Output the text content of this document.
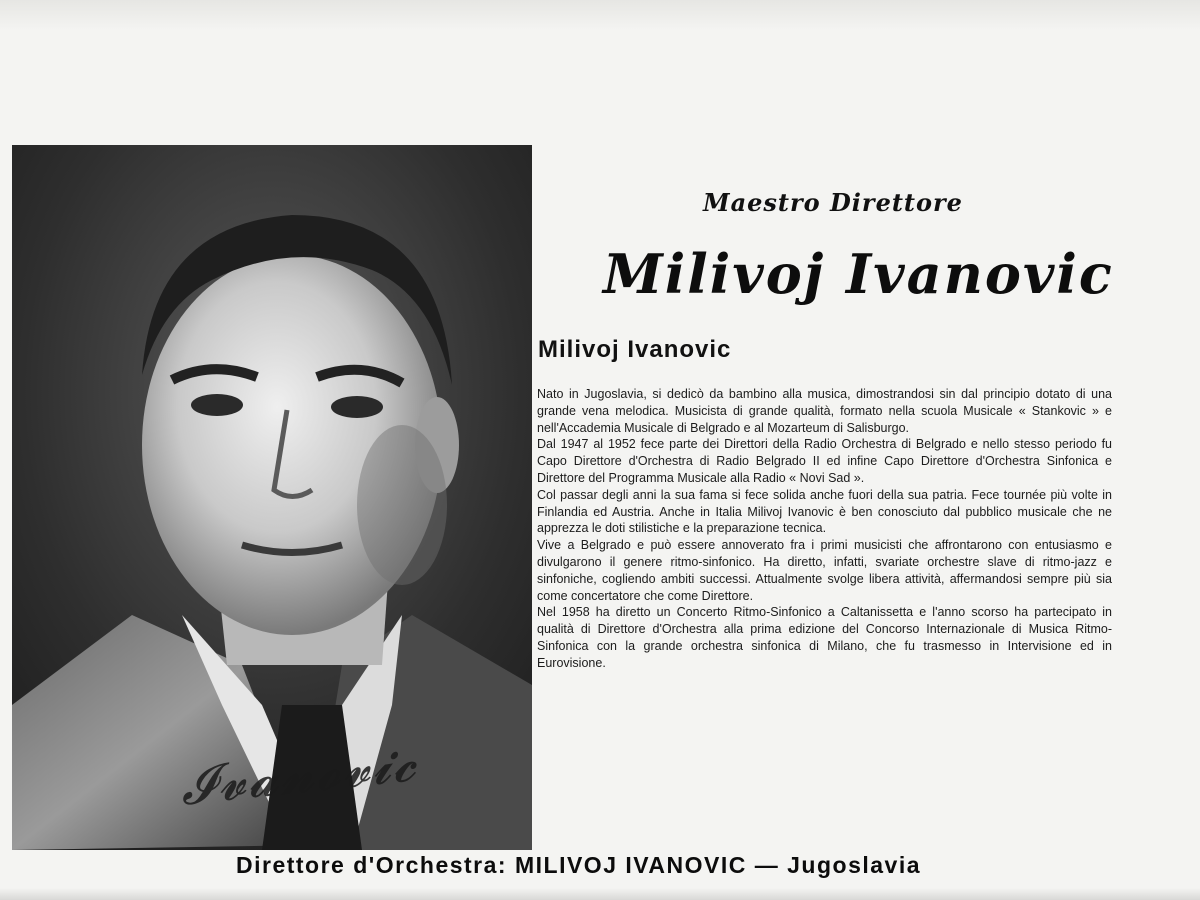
𝓘𝓿𝓪𝓷𝓸𝓿𝓲𝓬
Maestro Direttore
Milivoj Ivanovic
Milivoj Ivanovic

Nato in Jugoslavia, si dedicò da bambino alla musica, dimostrandosi sin dal principio dotato di una grande vena melodica. Musicista di grande qualità, formato nella scuola Musicale « Stankovic » e nell'Accademia Musicale di Belgrado e al Mozarteum di Salisburgo.

Dal 1947 al 1952 fece parte dei Direttori della Radio Orchestra di Belgrado e nello stesso periodo fu Capo Direttore d'Orchestra di Radio Belgrado II ed infine Capo Direttore d'Orchestra Sinfonica e Direttore del Programma Musicale alla Radio « Novi Sad ».

Col passar degli anni la sua fama si fece solida anche fuori della sua patria. Fece tournée più volte in Finlandia ed Austria. Anche in Italia Milivoj Ivanovic è ben conosciuto dal pubblico musicale che ne apprezza le doti stilistiche e la preparazione tecnica.

Vive a Belgrado e può essere annoverato fra i primi musicisti che affrontarono con entusiasmo e divulgarono il genere ritmo-sinfonico. Ha diretto, infatti, svariate orchestre slave di ritmo-jazz e sinfoniche, cogliendo ambiti successi. Attualmente svolge libera attività, affermandosi sempre più sia come concertatore che come Direttore.

Nel 1958 ha diretto un Concerto Ritmo-Sinfonico a Caltanissetta e l'anno scorso ha partecipato in qualità di Direttore d'Orchestra alla prima edizione del Concorso Internazionale di Musica Ritmo-Sinfonica con la grande orchestra sinfonica di Milano, che fu trasmesso in Intervisione ed in Eurovisione.

Direttore d'Orchestra: MILIVOJ IVANOVIC — Jugoslavia
